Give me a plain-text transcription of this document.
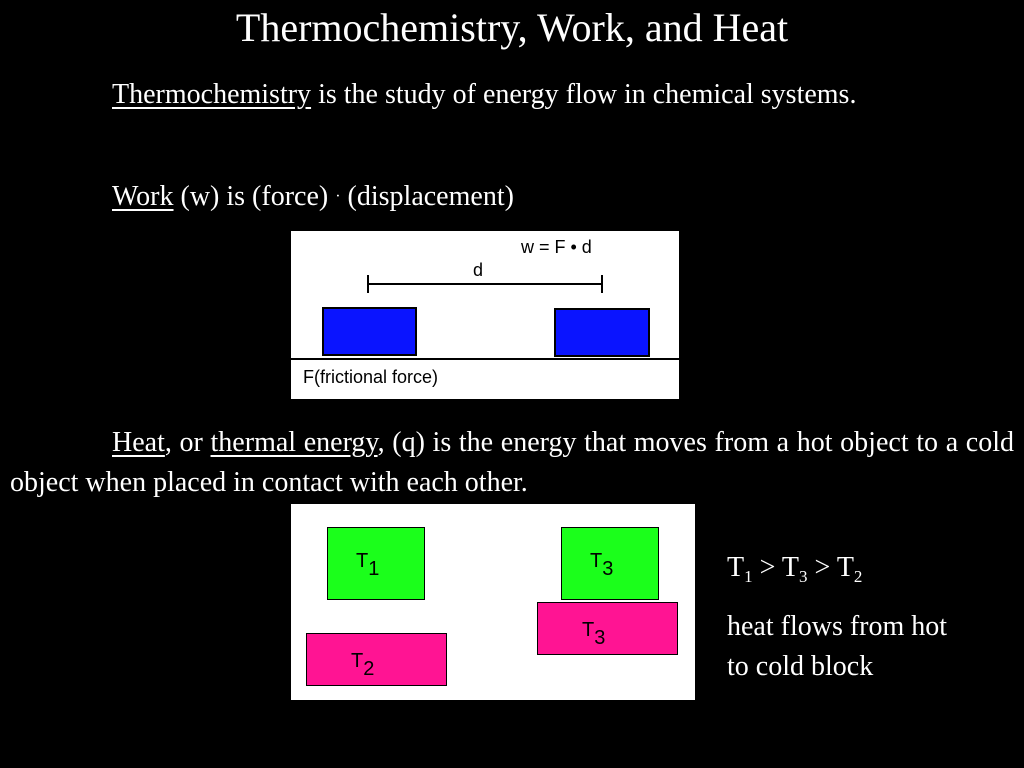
Thermochemistry, Work, and Heat
Thermochemistry is the study of energy flow in chemical systems.
Work (w) is (force) · (displacement)
w = F • d
d
F(frictional force)
Heat, or thermal energy, (q) is the energy that moves from a hot object to a cold object when placed in contact with each other.
$T_1$	$T_3$
$T_3$
$T_2$
$T_1 > T_3 > T_2$
heat flows from hot
to cold block
